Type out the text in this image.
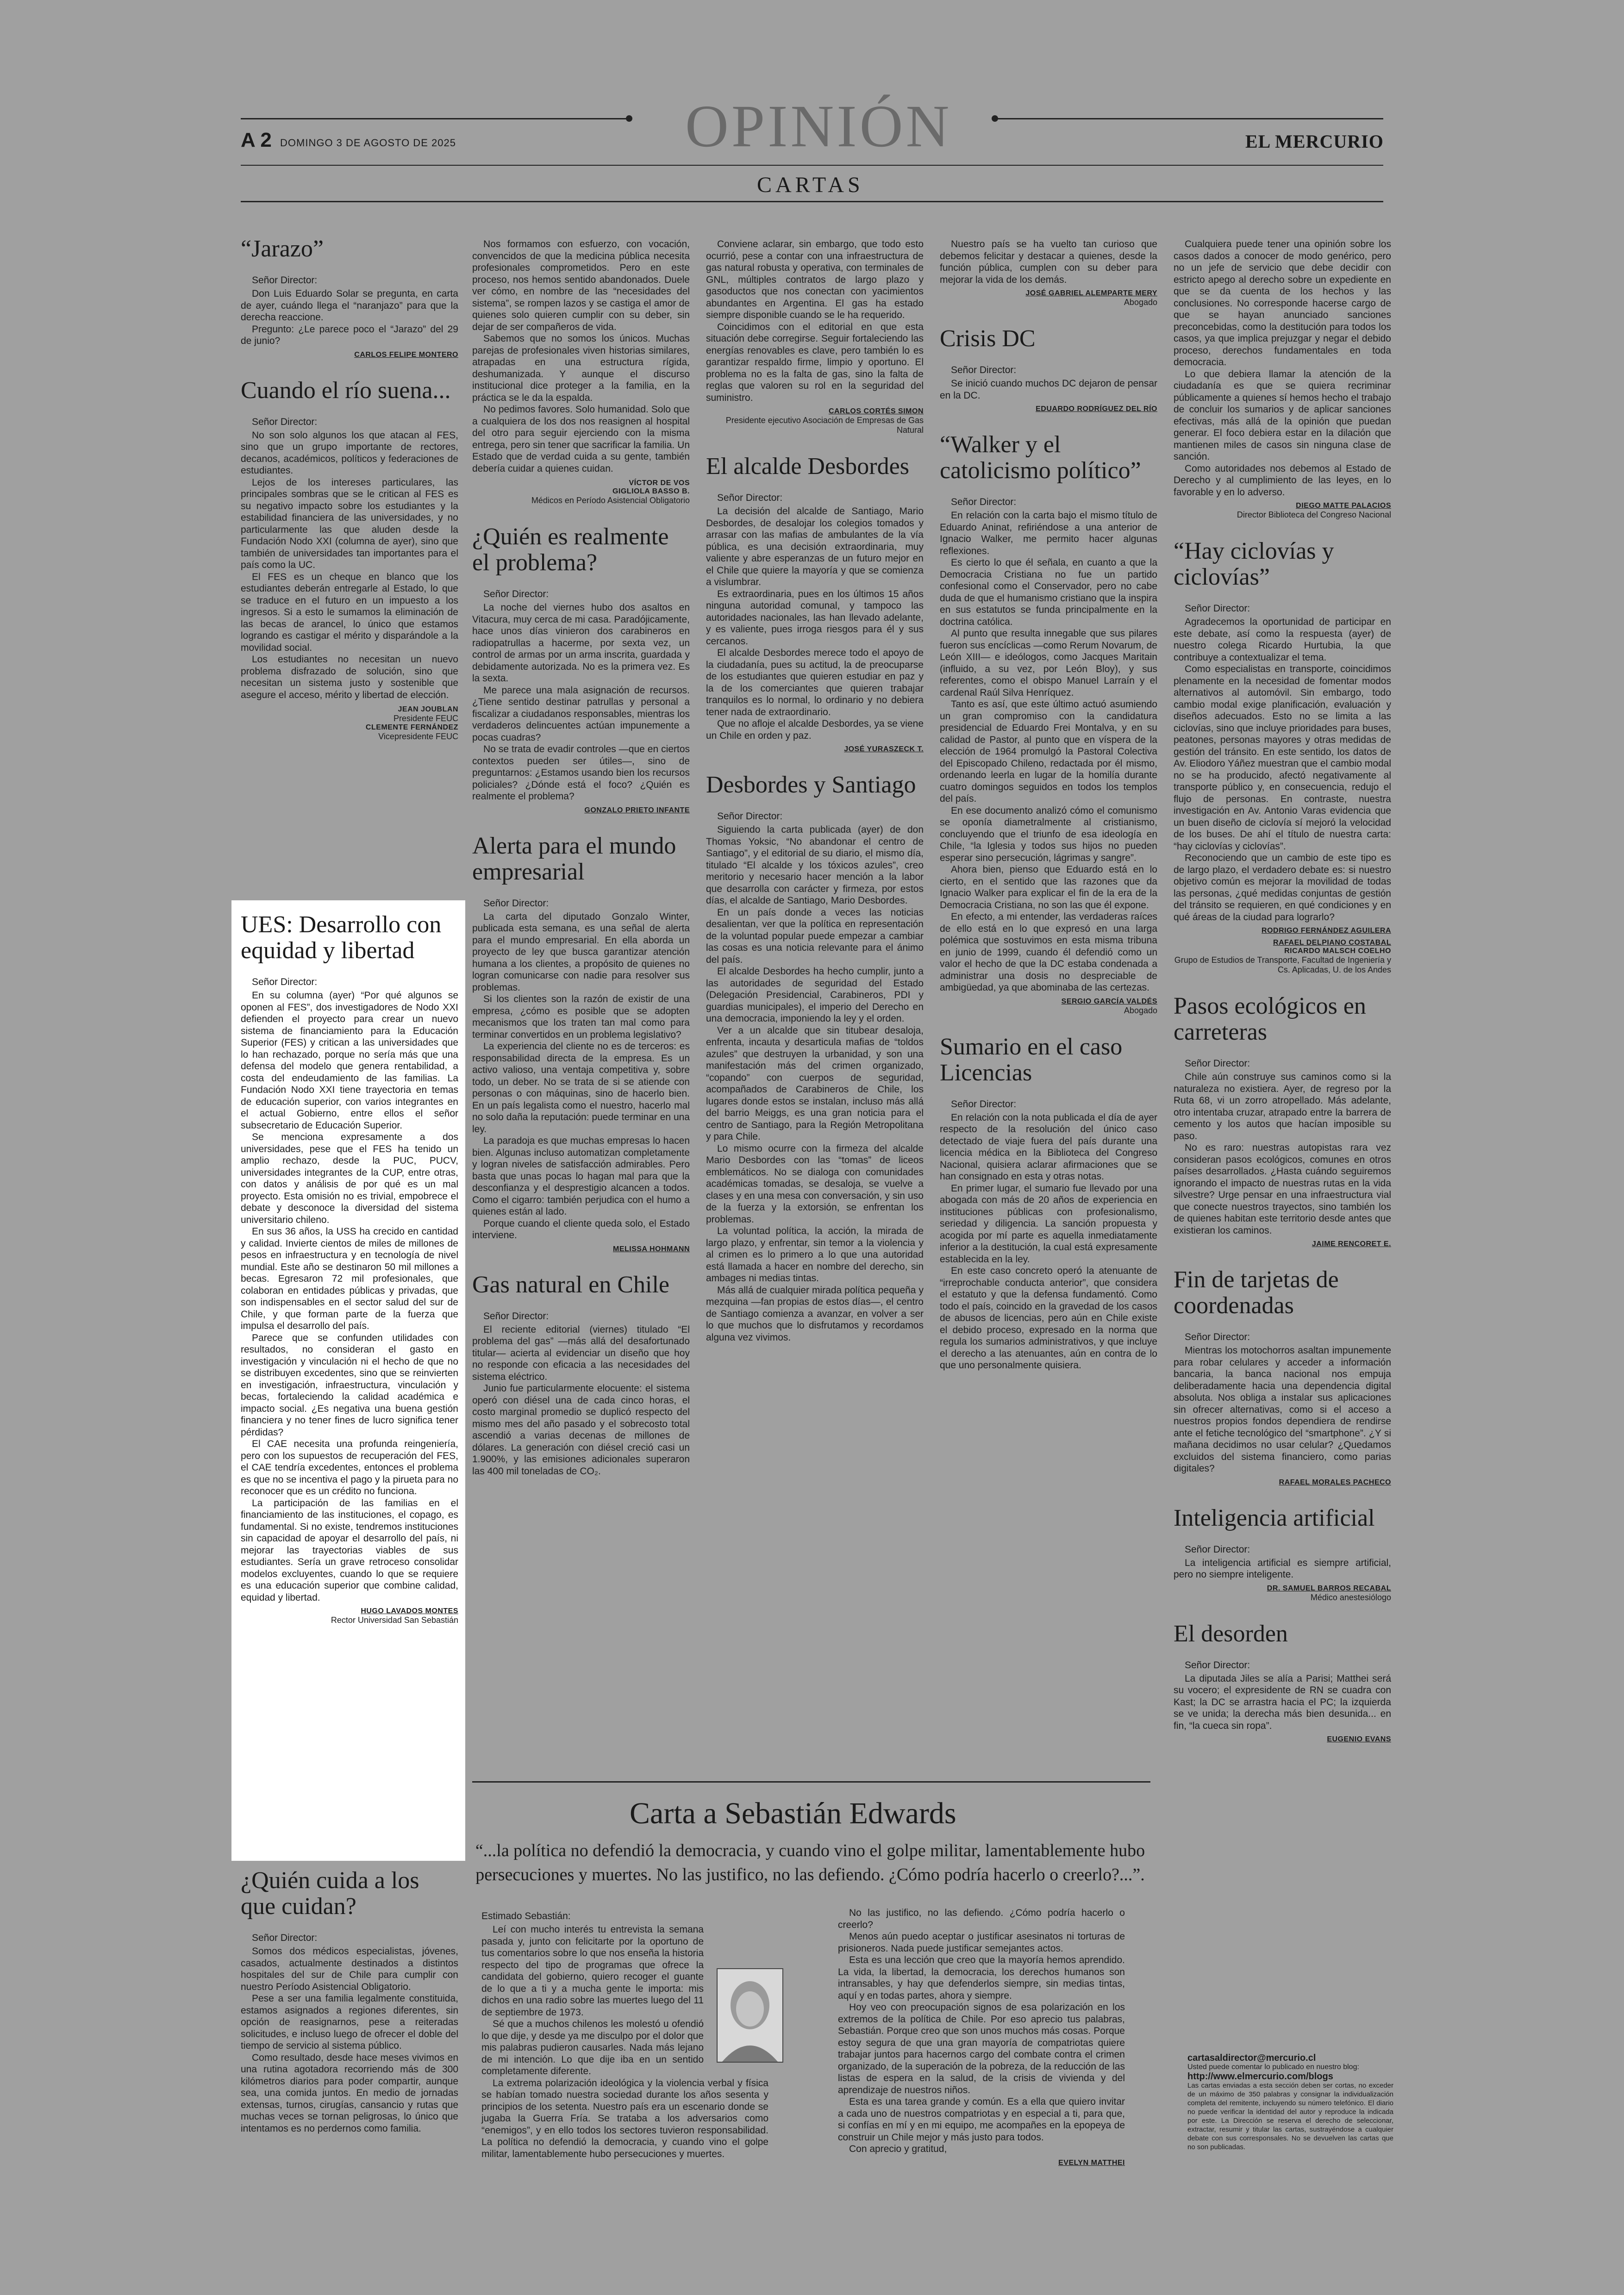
A 2 DOMINGO 3 DE AGOSTO DE 2025	OPINIÓN	EL MERCURIO
CARTAS
“Jarazo”
Señor Director:

Don Luis Eduardo Solar se pregunta, en carta de ayer, cuándo llega el “naranjazo” para que la derecha reaccione.

Pregunto: ¿Le parece poco el “Jarazo” del 29 de junio?

CARLOS FELIPE MONTERO
Cuando el río suena...
Señor Director:

No son solo algunos los que atacan al FES, sino que un grupo importante de rectores, decanos, académicos, políticos y federaciones de estudiantes.

Lejos de los intereses particulares, las principales sombras que se le critican al FES es su negativo impacto sobre los estudiantes y la estabilidad financiera de las universidades, y no particularmente las que aluden desde la Fundación Nodo XXI (columna de ayer), sino que también de universidades tan importantes para el país como la UC.

El FES es un cheque en blanco que los estudiantes deberán entregarle al Estado, lo que se traduce en el futuro en un impuesto a los ingresos. Si a esto le sumamos la eliminación de las becas de arancel, lo único que estamos logrando es castigar el mérito y disparándole a la movilidad social.

Los estudiantes no necesitan un nuevo problema disfrazado de solución, sino que necesitan un sistema justo y sostenible que asegure el acceso, mérito y libertad de elección.

JEAN JOUBLAN
Presidente FEUC
CLEMENTE FERNÁNDEZ
Vicepresidente FEUC
UES: Desarrollo con equidad y libertad
Señor Director:

En su columna (ayer) “Por qué algunos se oponen al FES”, dos investigadores de Nodo XXI defienden el proyecto para crear un nuevo sistema de financiamiento para la Educación Superior (FES) y critican a las universidades que lo han rechazado, porque no sería más que una defensa del modelo que genera rentabilidad, a costa del endeudamiento de las familias. La Fundación Nodo XXI tiene trayectoria en temas de educación superior, con varios integrantes en el actual Gobierno, entre ellos el señor subsecretario de Educación Superior.

Se menciona expresamente a dos universidades, pese que el FES ha tenido un amplio rechazo, desde la PUC, PUCV, universidades integrantes de la CUP, entre otras, con datos y análisis de por qué es un mal proyecto. Esta omisión no es trivial, empobrece el debate y desconoce la diversidad del sistema universitario chileno.

En sus 36 años, la USS ha crecido en cantidad y calidad. Invierte cientos de miles de millones de pesos en infraestructura y en tecnología de nivel mundial. Este año se destinaron 50 mil millones a becas. Egresaron 72 mil profesionales, que colaboran en entidades públicas y privadas, que son indispensables en el sector salud del sur de Chile, y que forman parte de la fuerza que impulsa el desarrollo del país.

Parece que se confunden utilidades con resultados, no consideran el gasto en investigación y vinculación ni el hecho de que no se distribuyen excedentes, sino que se reinvierten en investigación, infraestructura, vinculación y becas, fortaleciendo la calidad académica e impacto social. ¿Es negativa una buena gestión financiera y no tener fines de lucro significa tener pérdidas?

El CAE necesita una profunda reingeniería, pero con los supuestos de recuperación del FES, el CAE tendría excedentes, entonces el problema es que no se incentiva el pago y la pirueta para no reconocer que es un crédito no funciona.

La participación de las familias en el financiamiento de las instituciones, el copago, es fundamental. Si no existe, tendremos instituciones sin capacidad de apoyar el desarrollo del país, ni mejorar las trayectorias viables de sus estudiantes. Sería un grave retroceso consolidar modelos excluyentes, cuando lo que se requiere es una educación superior que combine calidad, equidad y libertad.

HUGO LAVADOS MONTES
Rector Universidad San Sebastián
¿Quién cuida a los que cuidan?
Señor Director:

Somos dos médicos especialistas, jóvenes, casados, actualmente destinados a distintos hospitales del sur de Chile para cumplir con nuestro Período Asistencial Obligatorio.

Pese a ser una familia legalmente constituida, estamos asignados a regiones diferentes, sin opción de reasignarnos, pese a reiteradas solicitudes, e incluso luego de ofrecer el doble del tiempo de servicio al sistema público.

Como resultado, desde hace meses vivimos en una rutina agotadora recorriendo más de 300 kilómetros diarios para poder compartir, aunque sea, una comida juntos. En medio de jornadas extensas, turnos, cirugías, cansancio y rutas que muchas veces se tornan peligrosas, lo único que intentamos es no perdernos como familia.

Nos formamos con esfuerzo, con vocación, convencidos de que la medicina pública necesita profesionales comprometidos. Pero en este proceso, nos hemos sentido abandonados. Duele ver cómo, en nombre de las “necesidades del sistema”, se rompen lazos y se castiga el amor de quienes solo quieren cumplir con su deber, sin dejar de ser compañeros de vida.

Sabemos que no somos los únicos. Muchas parejas de profesionales viven historias similares, atrapadas en una estructura rígida, deshumanizada. Y aunque el discurso institucional dice proteger a la familia, en la práctica se le da la espalda.

No pedimos favores. Solo humanidad. Solo que a cualquiera de los dos nos reasignen al hospital del otro para seguir ejerciendo con la misma entrega, pero sin tener que sacrificar la familia. Un Estado que de verdad cuida a su gente, también debería cuidar a quienes cuidan.

VÍCTOR DE VOS
GIGLIOLA BASSO B.
Médicos en Período Asistencial Obligatorio
¿Quién es realmente el problema?
Señor Director:

La noche del viernes hubo dos asaltos en Vitacura, muy cerca de mi casa. Paradójicamente, hace unos días vinieron dos carabineros en radiopatrullas a hacerme, por sexta vez, un control de armas por un arma inscrita, guardada y debidamente autorizada. No es la primera vez. Es la sexta.

Me parece una mala asignación de recursos. ¿Tiene sentido destinar patrullas y personal a fiscalizar a ciudadanos responsables, mientras los verdaderos delincuentes actúan impunemente a pocas cuadras?

No se trata de evadir controles —que en ciertos contextos pueden ser útiles—, sino de preguntarnos: ¿Estamos usando bien los recursos policiales? ¿Dónde está el foco? ¿Quién es realmente el problema?

GONZALO PRIETO INFANTE
Alerta para el mundo empresarial
Señor Director:

La carta del diputado Gonzalo Winter, publicada esta semana, es una señal de alerta para el mundo empresarial. En ella aborda un proyecto de ley que busca garantizar atención humana a los clientes, a propósito de quienes no logran comunicarse con nadie para resolver sus problemas.

Si los clientes son la razón de existir de una empresa, ¿cómo es posible que se adopten mecanismos que los traten tan mal como para terminar convertidos en un problema legislativo?

La experiencia del cliente no es de terceros: es responsabilidad directa de la empresa. Es un activo valioso, una ventaja competitiva y, sobre todo, un deber. No se trata de si se atiende con personas o con máquinas, sino de hacerlo bien. En un país legalista como el nuestro, hacerlo mal no solo daña la reputación: puede terminar en una ley.

La paradoja es que muchas empresas lo hacen bien. Algunas incluso automatizan completamente y logran niveles de satisfacción admirables. Pero basta que unas pocas lo hagan mal para que la desconfianza y el desprestigio alcancen a todos. Como el cigarro: también perjudica con el humo a quienes están al lado.

Porque cuando el cliente queda solo, el Estado interviene.

MELISSA HOHMANN
Gas natural en Chile
Señor Director:

El reciente editorial (viernes) titulado “El problema del gas” —más allá del desafortunado titular— acierta al evidenciar un diseño que hoy no responde con eficacia a las necesidades del sistema eléctrico.

Junio fue particularmente elocuente: el sistema operó con diésel una de cada cinco horas, el costo marginal promedio se duplicó respecto del mismo mes del año pasado y el sobrecosto total ascendió a varias decenas de millones de dólares. La generación con diésel creció casi un 1.900%, y las emisiones adicionales superaron las 400 mil toneladas de CO₂.

Conviene aclarar, sin embargo, que todo esto ocurrió, pese a contar con una infraestructura de gas natural robusta y operativa, con terminales de GNL, múltiples contratos de largo plazo y gasoductos que nos conectan con yacimientos abundantes en Argentina. El gas ha estado siempre disponible cuando se le ha requerido.

Coincidimos con el editorial en que esta situación debe corregirse. Seguir fortaleciendo las energías renovables es clave, pero también lo es garantizar respaldo firme, limpio y oportuno. El problema no es la falta de gas, sino la falta de reglas que valoren su rol en la seguridad del suministro.

CARLOS CORTÉS SIMON
Presidente ejecutivo Asociación de Empresas de Gas Natural
El alcalde Desbordes
Señor Director:

La decisión del alcalde de Santiago, Mario Desbordes, de desalojar los colegios tomados y arrasar con las mafias de ambulantes de la vía pública, es una decisión extraordinaria, muy valiente y abre esperanzas de un futuro mejor en el Chile que quiere la mayoría y que se comienza a vislumbrar.

Es extraordinaria, pues en los últimos 15 años ninguna autoridad comunal, y tampoco las autoridades nacionales, las han llevado adelante, y es valiente, pues irroga riesgos para él y sus cercanos.

El alcalde Desbordes merece todo el apoyo de la ciudadanía, pues su actitud, la de preocuparse de los estudiantes que quieren estudiar en paz y la de los comerciantes que quieren trabajar tranquilos es lo normal, lo ordinario y no debiera tener nada de extraordinario.

Que no afloje el alcalde Desbordes, ya se viene un Chile en orden y paz.

JOSÉ YURASZECK T.
Desbordes y Santiago
Señor Director:

Siguiendo la carta publicada (ayer) de don Thomas Yoksic, “No abandonar el centro de Santiago”, y el editorial de su diario, el mismo día, titulado “El alcalde y los tóxicos azules”, creo meritorio y necesario hacer mención a la labor que desarrolla con carácter y firmeza, por estos días, el alcalde de Santiago, Mario Desbordes.

En un país donde a veces las noticias desalientan, ver que la política en representación de la voluntad popular puede empezar a cambiar las cosas es una noticia relevante para el ánimo del país.

El alcalde Desbordes ha hecho cumplir, junto a las autoridades de seguridad del Estado (Delegación Presidencial, Carabineros, PDI y guardias municipales), el imperio del Derecho en una democracia, imponiendo la ley y el orden.

Ver a un alcalde que sin titubear desaloja, enfrenta, incauta y desarticula mafias de “toldos azules” que destruyen la urbanidad, y son una manifestación más del crimen organizado, “copando” con cuerpos de seguridad, acompañados de Carabineros de Chile, los lugares donde estos se instalan, incluso más allá del barrio Meiggs, es una gran noticia para el centro de Santiago, para la Región Metropolitana y para Chile.

Lo mismo ocurre con la firmeza del alcalde Mario Desbordes con las “tomas” de liceos emblemáticos. No se dialoga con comunidades académicas tomadas, se desaloja, se vuelve a clases y en una mesa con conversación, y sin uso de la fuerza y la extorsión, se enfrentan los problemas.

La voluntad política, la acción, la mirada de largo plazo, y enfrentar, sin temor a la violencia y al crimen es lo primero a lo que una autoridad está llamada a hacer en nombre del derecho, sin ambages ni medias tintas.

Más allá de cualquier mirada política pequeña y mezquina —fan propias de estos días—, el centro de Santiago comienza a avanzar, en volver a ser lo que muchos que lo disfrutamos y recordamos alguna vez vivimos.

Nuestro país se ha vuelto tan curioso que debemos felicitar y destacar a quienes, desde la función pública, cumplen con su deber para mejorar la vida de los demás.

JOSÉ GABRIEL ALEMPARTE MERY
Abogado
Crisis DC
Señor Director:

Se inició cuando muchos DC dejaron de pensar en la DC.

EDUARDO RODRÍGUEZ DEL RÍO
“Walker y el catolicismo político”
Señor Director:

En relación con la carta bajo el mismo título de Eduardo Aninat, refiriéndose a una anterior de Ignacio Walker, me permito hacer algunas reflexiones.

Es cierto lo que él señala, en cuanto a que la Democracia Cristiana no fue un partido confesional como el Conservador, pero no cabe duda de que el humanismo cristiano que la inspira en sus estatutos se funda principalmente en la doctrina católica.

Al punto que resulta innegable que sus pilares fueron sus encíclicas —como Rerum Novarum, de León XIII— e ideólogos, como Jacques Maritain (influido, a su vez, por León Bloy), y sus referentes, como el obispo Manuel Larraín y el cardenal Raúl Silva Henríquez.

Tanto es así, que este último actuó asumiendo un gran compromiso con la candidatura presidencial de Eduardo Frei Montalva, y en su calidad de Pastor, al punto que en víspera de la elección de 1964 promulgó la Pastoral Colectiva del Episcopado Chileno, redactada por él mismo, ordenando leerla en lugar de la homilía durante cuatro domingos seguidos en todos los templos del país.

En ese documento analizó cómo el comunismo se oponía diametralmente al cristianismo, concluyendo que el triunfo de esa ideología en Chile, “la Iglesia y todos sus hijos no pueden esperar sino persecución, lágrimas y sangre”.

Ahora bien, pienso que Eduardo está en lo cierto, en el sentido que las razones que da Ignacio Walker para explicar el fin de la era de la Democracia Cristiana, no son las que él expone.

En efecto, a mi entender, las verdaderas raíces de ello está en lo que expresó en una larga polémica que sostuvimos en esta misma tribuna en junio de 1999, cuando él defendió como un valor el hecho de que la DC estaba condenada a administrar una dosis no despreciable de ambigüedad, ya que abominaba de las certezas.

SERGIO GARCÍA VALDÉS
Abogado
Sumario en el caso Licencias
Señor Director:

En relación con la nota publicada el día de ayer respecto de la resolución del único caso detectado de viaje fuera del país durante una licencia médica en la Biblioteca del Congreso Nacional, quisiera aclarar afirmaciones que se han consignado en esta y otras notas.

En primer lugar, el sumario fue llevado por una abogada con más de 20 años de experiencia en instituciones públicas con profesionalismo, seriedad y diligencia. La sanción propuesta y acogida por mí parte es aquella inmediatamente inferior a la destitución, la cual está expresamente establecida en la ley.

En este caso concreto operó la atenuante de “irreprochable conducta anterior”, que considera el estatuto y que la defensa fundamentó. Como todo el país, coincido en la gravedad de los casos de abusos de licencias, pero aún en Chile existe el debido proceso, expresado en la norma que regula los sumarios administrativos, y que incluye el derecho a las atenuantes, aún en contra de lo que uno personalmente quisiera.

Cualquiera puede tener una opinión sobre los casos dados a conocer de modo genérico, pero no un jefe de servicio que debe decidir con estricto apego al derecho sobre un expediente en que se da cuenta de los hechos y las conclusiones. No corresponde hacerse cargo de que se hayan anunciado sanciones preconcebidas, como la destitución para todos los casos, ya que implica prejuzgar y negar el debido proceso, derechos fundamentales en toda democracia.

Lo que debiera llamar la atención de la ciudadanía es que se quiera recriminar públicamente a quienes sí hemos hecho el trabajo de concluir los sumarios y de aplicar sanciones efectivas, más allá de la opinión que puedan generar. El foco debiera estar en la dilación que mantienen miles de casos sin ninguna clase de sanción.

Como autoridades nos debemos al Estado de Derecho y al cumplimiento de las leyes, en lo favorable y en lo adverso.

DIEGO MATTE PALACIOS
Director Biblioteca del Congreso Nacional
“Hay ciclovías y ciclovías”
Señor Director:

Agradecemos la oportunidad de participar en este debate, así como la respuesta (ayer) de nuestro colega Ricardo Hurtubia, la que contribuye a contextualizar el tema.

Como especialistas en transporte, coincidimos plenamente en la necesidad de fomentar modos alternativos al automóvil. Sin embargo, todo cambio modal exige planificación, evaluación y diseños adecuados. Esto no se limita a las ciclovías, sino que incluye prioridades para buses, peatones, personas mayores y otras medidas de gestión del tránsito. En este sentido, los datos de Av. Eliodoro Yáñez muestran que el cambio modal no se ha producido, afectó negativamente al transporte público y, en consecuencia, redujo el flujo de personas. En contraste, nuestra investigación en Av. Antonio Varas evidencia que un buen diseño de ciclovía sí mejoró la velocidad de los buses. De ahí el título de nuestra carta: “hay ciclovías y ciclovías”.

Reconociendo que un cambio de este tipo es de largo plazo, el verdadero debate es: si nuestro objetivo común es mejorar la movilidad de todas las personas, ¿qué medidas conjuntas de gestión del tránsito se requieren, en qué condiciones y en qué áreas de la ciudad para lograrlo?

RODRIGO FERNÁNDEZ AGUILERA
RAFAEL DELPIANO COSTABAL
RICARDO MALSCH COELHO
Grupo de Estudios de Transporte, Facultad de Ingeniería y Cs. Aplicadas, U. de los Andes
Pasos ecológicos en carreteras
Señor Director:

Chile aún construye sus caminos como si la naturaleza no existiera. Ayer, de regreso por la Ruta 68, vi un zorro atropellado. Más adelante, otro intentaba cruzar, atrapado entre la barrera de cemento y los autos que hacían imposible su paso.

No es raro: nuestras autopistas rara vez consideran pasos ecológicos, comunes en otros países desarrollados. ¿Hasta cuándo seguiremos ignorando el impacto de nuestras rutas en la vida silvestre? Urge pensar en una infraestructura vial que conecte nuestros trayectos, sino también los de quienes habitan este territorio desde antes que existieran los caminos.

JAIME RENCORET E.
Fin de tarjetas de coordenadas
Señor Director:

Mientras los motochorros asaltan impunemente para robar celulares y acceder a información bancaria, la banca nacional nos empuja deliberadamente hacia una dependencia digital absoluta. Nos obliga a instalar sus aplicaciones sin ofrecer alternativas, como si el acceso a nuestros propios fondos dependiera de rendirse ante el fetiche tecnológico del “smartphone”. ¿Y si mañana decidimos no usar celular? ¿Quedamos excluidos del sistema financiero, como parias digitales?

RAFAEL MORALES PACHECO
Inteligencia artificial
Señor Director:

La inteligencia artificial es siempre artificial, pero no siempre inteligente.

DR. SAMUEL BARROS RECABAL
Médico anestesiólogo
El desorden
Señor Director:

La diputada Jiles se alía a Parisi; Matthei será su vocero; el expresidente de RN se cuadra con Kast; la DC se arrastra hacia el PC; la izquierda se ve unida; la derecha más bien desunida... en fin, “la cueca sin ropa”.

EUGENIO EVANS
Carta a Sebastián Edwards
“...la política no defendió la democracia, y cuando vino el golpe militar, lamentablemente hubo persecuciones y muertes. No las justifico, no las defiendo. ¿Cómo podría hacerlo o creerlo?...”.
Estimado Sebastián:

Leí con mucho interés tu entrevista la semana pasada y, junto con felicitarte por la oportuno de tus comentarios sobre lo que nos enseña la historia respecto del tipo de programas que ofrece la candidata del gobierno, quiero recoger el guante de lo que a ti y a mucha gente le importa: mis dichos en una radio sobre las muertes luego del 11 de septiembre de 1973.

Sé que a muchos chilenos les molestó u ofendió lo que dije, y desde ya me disculpo por el dolor que mis palabras pudieron causarles. Nada más lejano de mi intención. Lo que dije iba en un sentido completamente diferente.

La extrema polarización ideológica y la violencia verbal y física se habían tomado nuestra sociedad durante los años sesenta y principios de los setenta. Nuestro país era un escenario donde se jugaba la Guerra Fría. Se trataba a los adversarios como “enemigos”, y en ello todos los sectores tuvieron responsabilidad. La política no defendió la democracia, y cuando vino el golpe militar, lamentablemente hubo persecuciones y muertes.

No las justifico, no las defiendo. ¿Cómo podría hacerlo o creerlo?

Menos aún puedo aceptar o justificar asesinatos ni torturas de prisioneros. Nada puede justificar semejantes actos.

Esta es una lección que creo que la mayoría hemos aprendido. La vida, la libertad, la democracia, los derechos humanos son intransables, y hay que defenderlos siempre, sin medias tintas, aquí y en todas partes, ahora y siempre.

Hoy veo con preocupación signos de esa polarización en los extremos de la política de Chile. Por eso aprecio tus palabras, Sebastián. Porque creo que son unos muchos más cosas. Porque estoy segura de que una gran mayoría de compatriotas quiere trabajar juntos para hacernos cargo del combate contra el crimen organizado, de la superación de la pobreza, de la reducción de las listas de espera en la salud, de la crisis de vivienda y del aprendizaje de nuestros niños.

Esta es una tarea grande y común. Es a ella que quiero invitar a cada uno de nuestros compatriotas y en especial a ti, para que, si confías en mí y en mi equipo, me acompañes en la epopeya de construir un Chile mejor y más justo para todos.

Con aprecio y gratitud,

EVELYN MATTHEI
cartasaldirector@mercurio.cl
Usted puede comentar lo publicado en nuestro blog:
http://www.elmercurio.com/blogs
Las cartas enviadas a esta sección deben ser cortas, no exceder de un máximo de 350 palabras y consignar la individualización completa del remitente, incluyendo su número telefónico. El diario no puede verificar la identidad del autor y reproduce la indicada por este. La Dirección se reserva el derecho de seleccionar, extractar, resumir y titular las cartas, sustrayéndose a cualquier debate con sus corresponsales. No se devuelven las cartas que no son publicadas.
